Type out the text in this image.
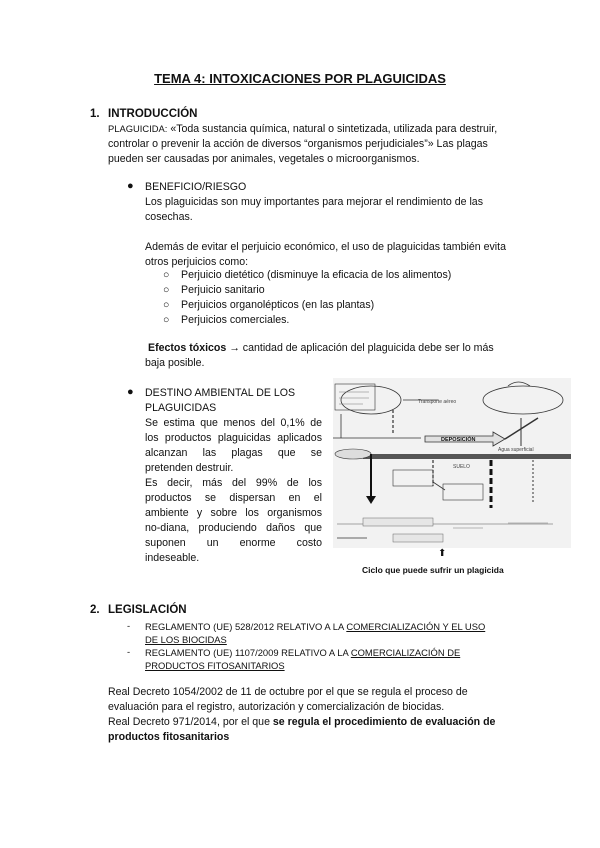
TEMA 4: INTOXICACIONES POR PLAGUICIDAS
1. INTRODUCCIÓN
PLAGUICIDA: «Toda sustancia química, natural o sintetizada, utilizada para destruir,
controlar o prevenir la acción de diversos “organismos perjudiciales”» Las plagas
pueden ser causadas por animales, vegetales o microorganismos.
● BENEFICIO/RIESGO
Los plaguicidas son muy importantes para mejorar el rendimiento de las
cosechas.
Además de evitar el perjuicio económico, el uso de plaguicidas también evita
otros perjuicios como:
○ Perjuicio dietético (disminuye la eficacia de los alimentos)
○ Perjuicio sanitario
○ Perjuicios organolépticos (en las plantas)
○ Perjuicios comerciales.
Efectos tóxicos → cantidad de aplicación del plaguicida debe ser lo más
baja posible.
● DESTINO AMBIENTAL DE LOS
PLAGUICIDAS
Se estima que menos del 0,1% de
los productos plaguicidas aplicados
alcanzan las plagas que se
pretenden destruir.
Es decir, más del 99% de los
productos se dispersan en el
ambiente y sobre los organismos
no-diana, produciendo daños que
suponen un enorme costo
indeseable.
DEPOSICIÓN
Transporte aéreo
Agua superficial
SUELO
⬆
Ciclo que puede sufrir un plagicida
2. LEGISLACIÓN
- REGLAMENTO (UE) 528/2012 RELATIVO A LA COMERCIALIZACIÓN Y EL USO
DE LOS BIOCIDAS
- REGLAMENTO (UE) 1107/2009 RELATIVO A LA COMERCIALIZACIÓN DE
PRODUCTOS FITOSANITARIOS
Real Decreto 1054/2002 de 11 de octubre por el que se regula el proceso de
evaluación para el registro, autorización y comercialización de biocidas.
Real Decreto 971/2014, por el que se regula el procedimiento de evaluación de
productos fitosanitarios
